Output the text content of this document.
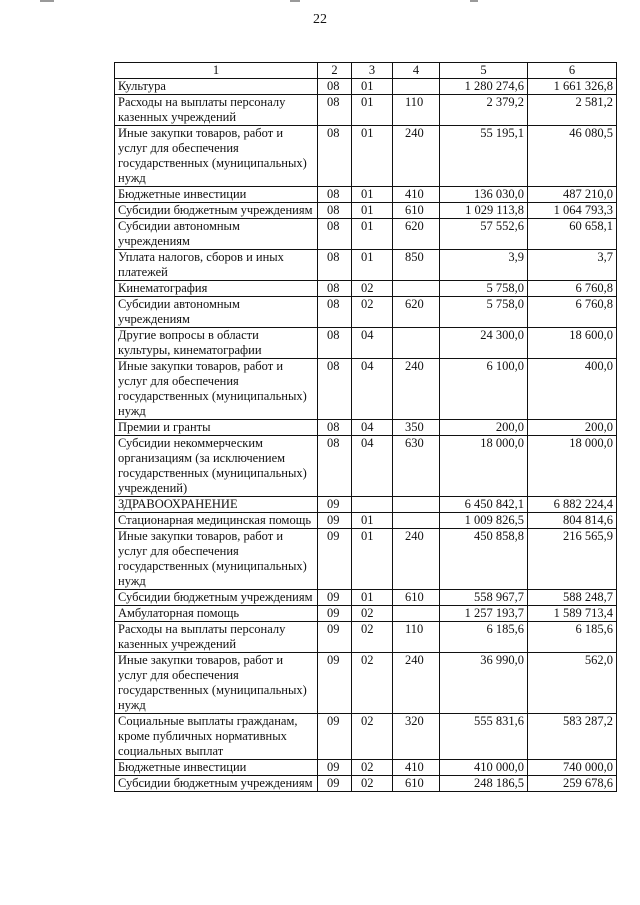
22
1	2	3	4	5	6
Культура	08	01		1 280 274,6	1 661 326,8
Расходы на выплаты персоналу казенных учреждений	08	01	110	2 379,2	2 581,2
Иные закупки товаров, работ и услуг для обеспечения государственных (муниципальных) нужд	08	01	240	55 195,1	46 080,5
Бюджетные инвестиции	08	01	410	136 030,0	487 210,0
Субсидии бюджетным учреждениям	08	01	610	1 029 113,8	1 064 793,3
Субсидии автономным учреждениям	08	01	620	57 552,6	60 658,1
Уплата налогов, сборов и иных платежей	08	01	850	3,9	3,7
Кинематография	08	02		5 758,0	6 760,8
Субсидии автономным учреждениям	08	02	620	5 758,0	6 760,8
Другие вопросы в области культуры, кинематографии	08	04		24 300,0	18 600,0
Иные закупки товаров, работ и услуг для обеспечения государственных (муниципальных) нужд	08	04	240	6 100,0	400,0
Премии и гранты	08	04	350	200,0	200,0
Субсидии некоммерческим организациям (за исключением государственных (муниципальных) учреждений)	08	04	630	18 000,0	18 000,0
ЗДРАВООХРАНЕНИЕ	09			6 450 842,1	6 882 224,4
Стационарная медицинская помощь	09	01		1 009 826,5	804 814,6
Иные закупки товаров, работ и услуг для обеспечения государственных (муниципальных) нужд	09	01	240	450 858,8	216 565,9
Субсидии бюджетным учреждениям	09	01	610	558 967,7	588 248,7
Амбулаторная помощь	09	02		1 257 193,7	1 589 713,4
Расходы на выплаты персоналу казенных учреждений	09	02	110	6 185,6	6 185,6
Иные закупки товаров, работ и услуг для обеспечения государственных (муниципальных) нужд	09	02	240	36 990,0	562,0
Социальные выплаты гражданам, кроме публичных нормативных социальных выплат	09	02	320	555 831,6	583 287,2
Бюджетные инвестиции	09	02	410	410 000,0	740 000,0
Субсидии бюджетным учреждениям	09	02	610	248 186,5	259 678,6
